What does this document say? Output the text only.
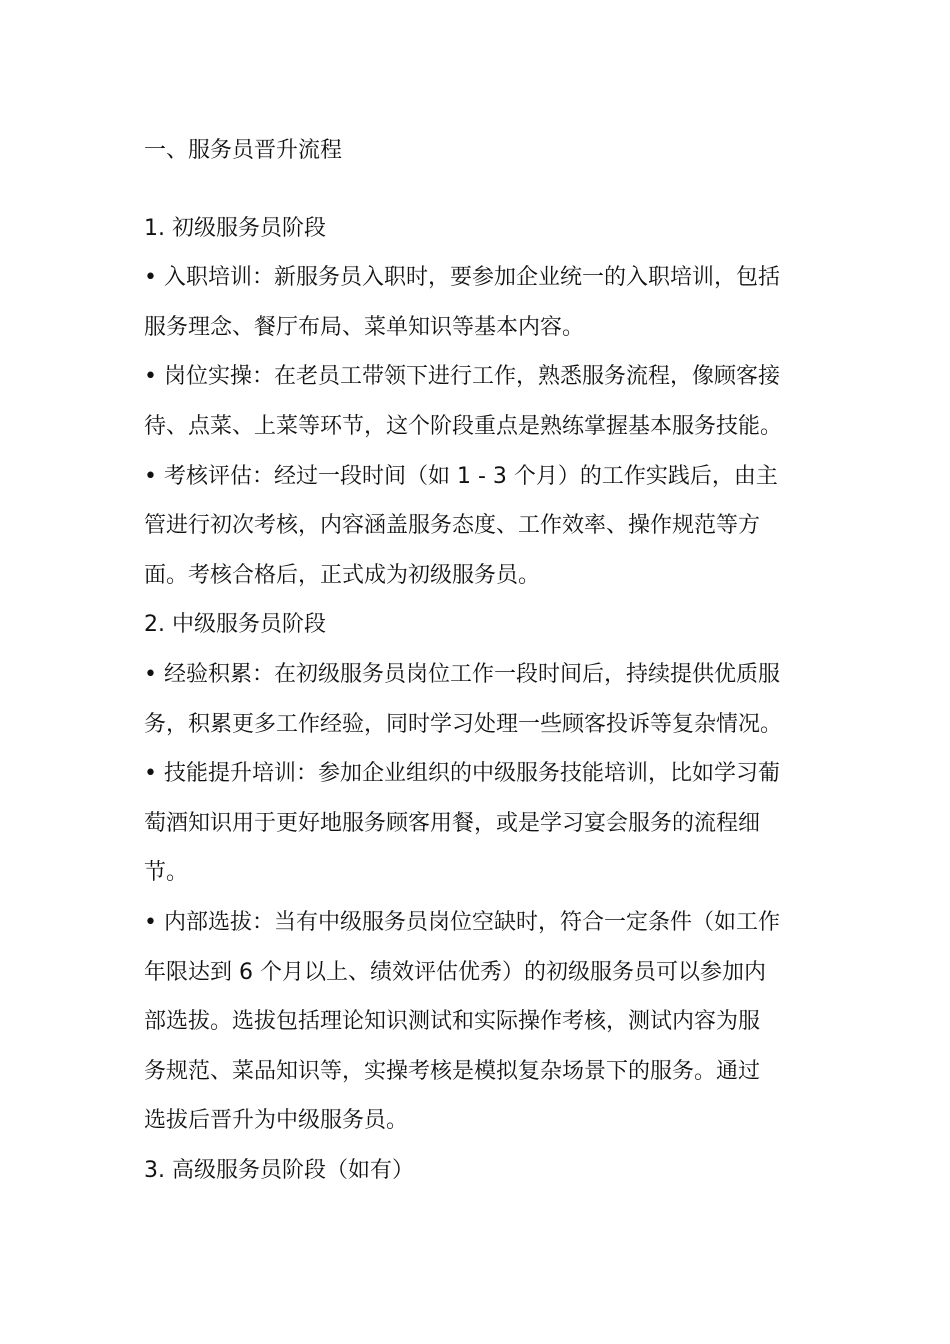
一、服务员晋升流程
1. 初级服务员阶段
• 入职培训：新服务员入职时，要参加企业统一的入职培训，包括
服务理念、餐厅布局、菜单知识等基本内容。
• 岗位实操：在老员工带领下进行工作，熟悉服务流程，像顾客接
待、点菜、上菜等环节，这个阶段重点是熟练掌握基本服务技能。
• 考核评估：经过一段时间（如 1 - 3 个月）的工作实践后，由主
管进行初次考核，内容涵盖服务态度、工作效率、操作规范等方
面。考核合格后，正式成为初级服务员。
2. 中级服务员阶段
• 经验积累：在初级服务员岗位工作一段时间后，持续提供优质服
务，积累更多工作经验，同时学习处理一些顾客投诉等复杂情况。
• 技能提升培训：参加企业组织的中级服务技能培训，比如学习葡
萄酒知识用于更好地服务顾客用餐，或是学习宴会服务的流程细
节。
• 内部选拔：当有中级服务员岗位空缺时，符合一定条件（如工作
年限达到 6 个月以上、绩效评估优秀）的初级服务员可以参加内
部选拔。选拔包括理论知识测试和实际操作考核，测试内容为服
务规范、菜品知识等，实操考核是模拟复杂场景下的服务。通过
选拔后晋升为中级服务员。
3. 高级服务员阶段（如有）
